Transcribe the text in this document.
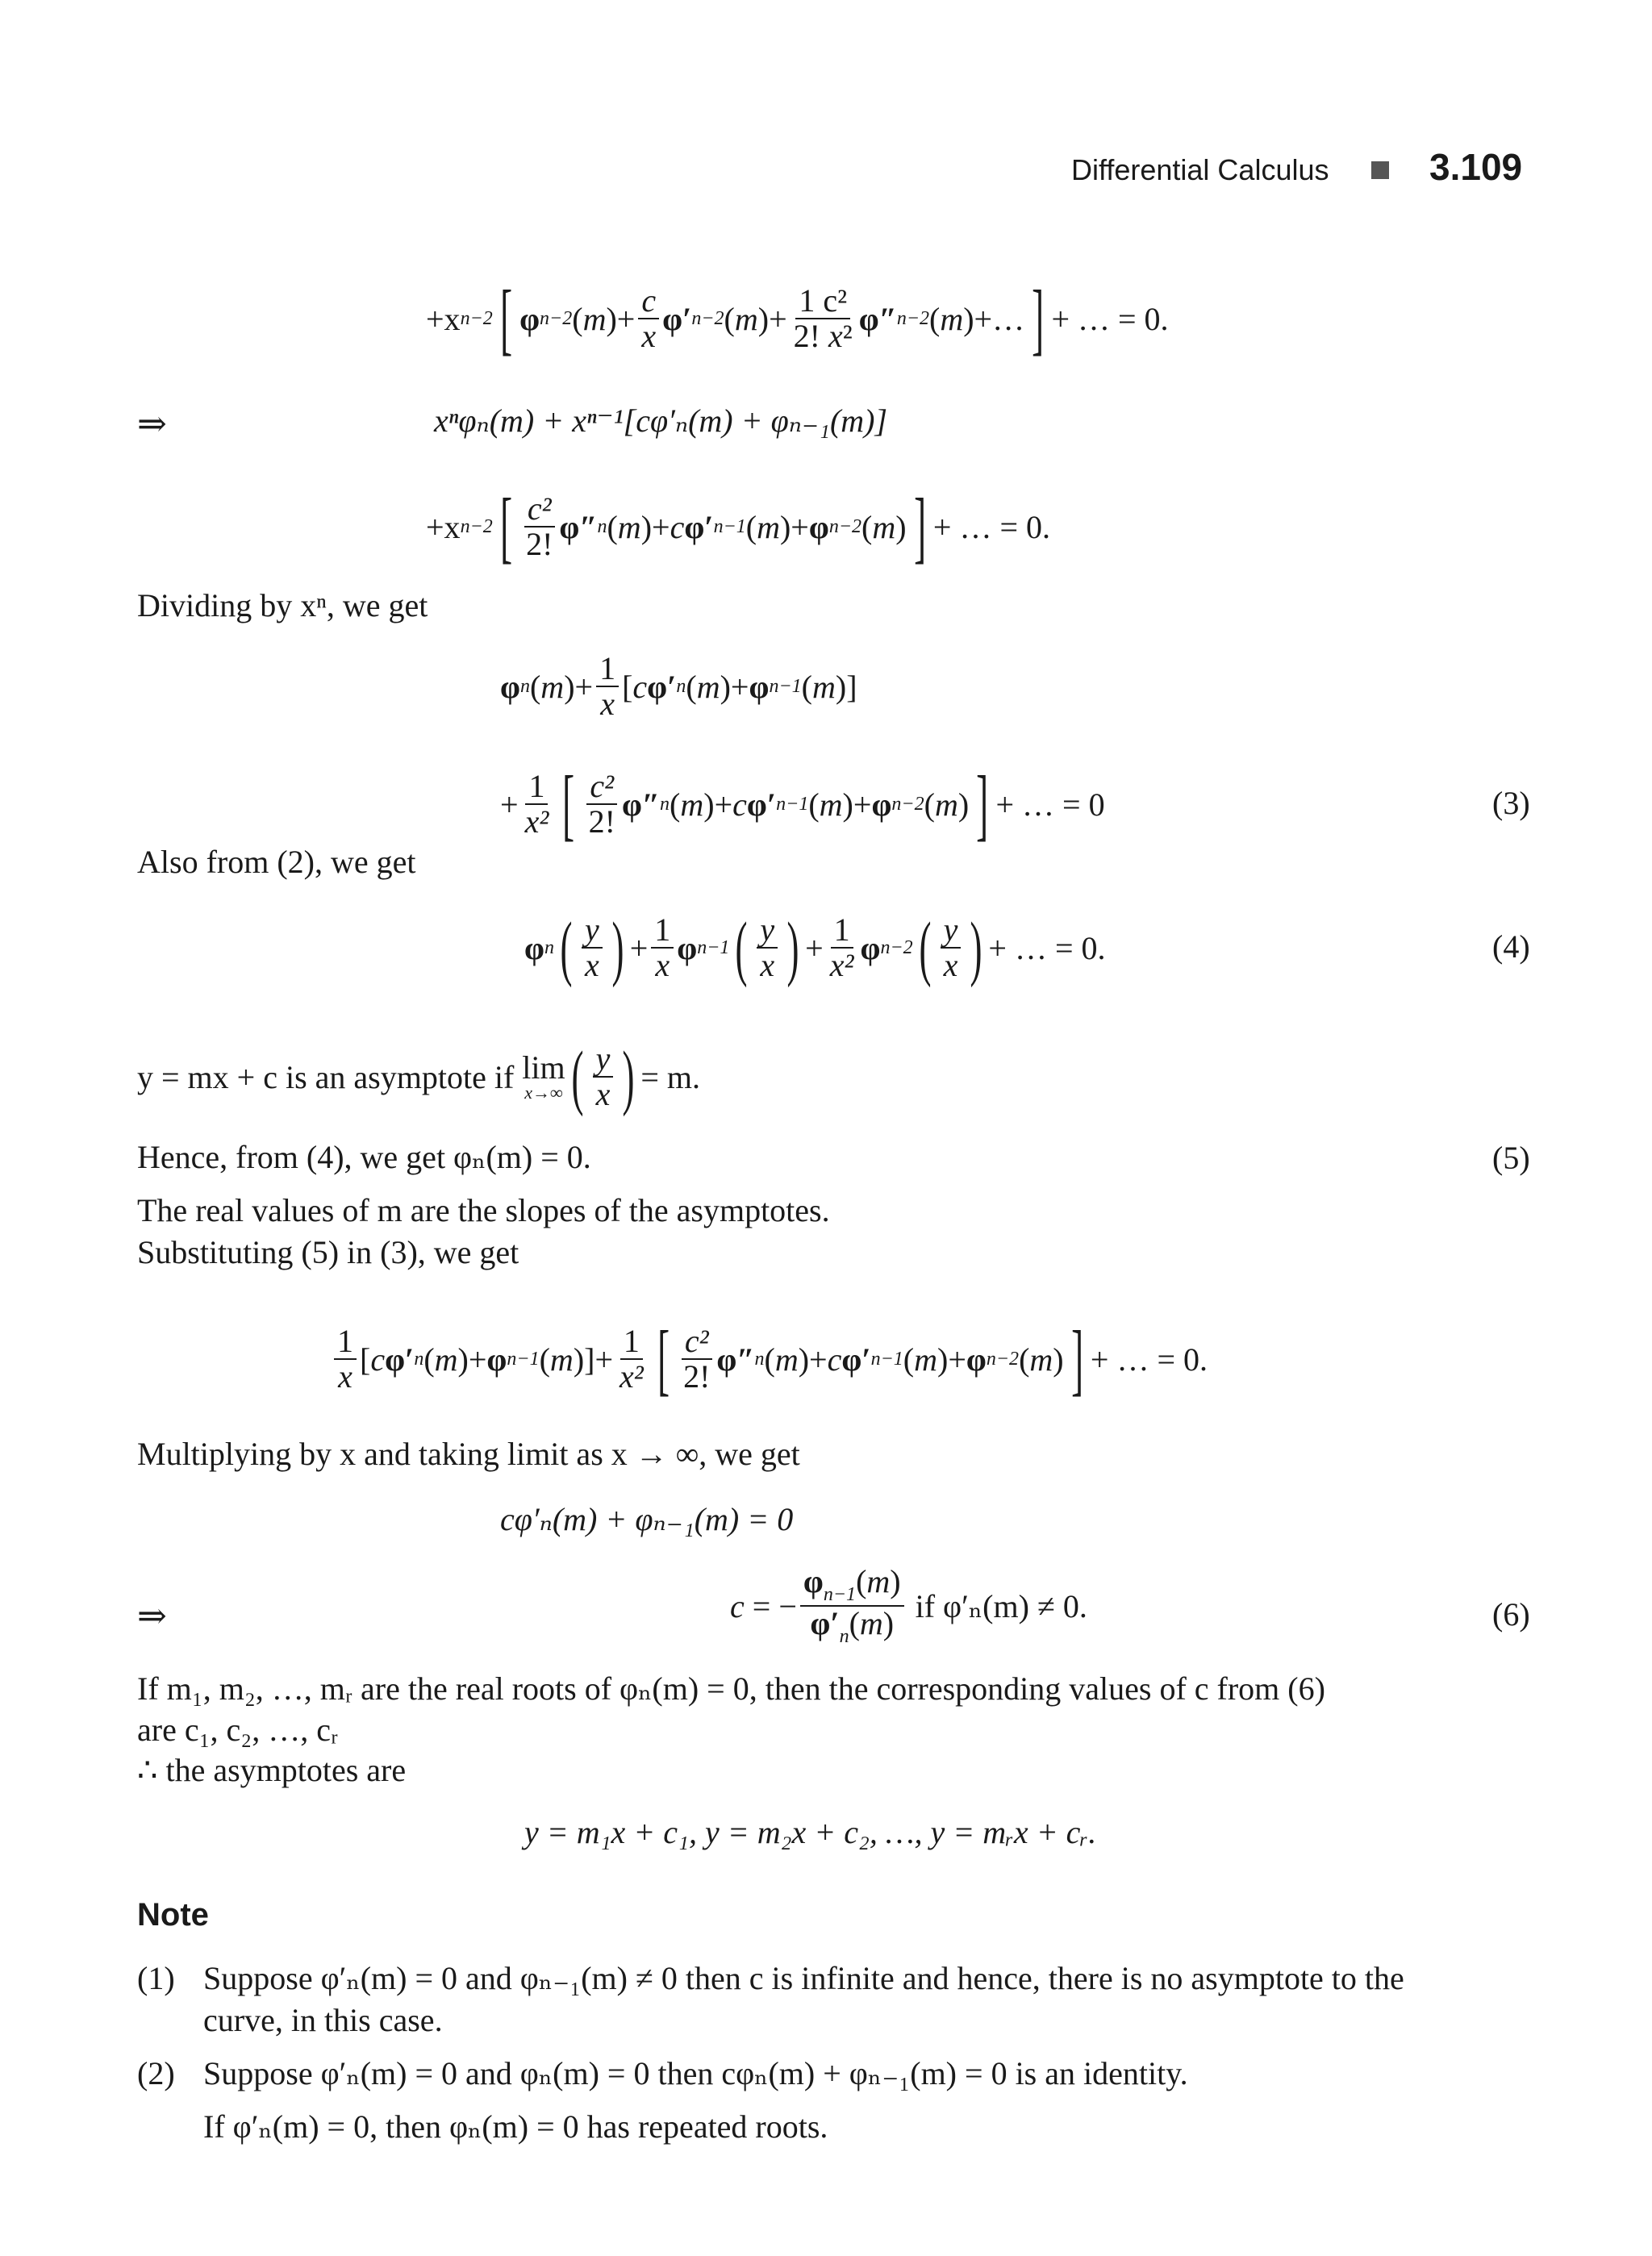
Differential Calculus	3.109
+x n−2 [ φ n−2 ( m )+ $\frac{c}{x} \varphi'$ n−2 ( m )+ $\frac{\text{1 c²}}{\text{2! x²}} \varphi''$ n−2 ( m )+… ] + … = 0.
⇒	xⁿφₙ(m) + xⁿ⁻¹[cφ′ₙ(m) + φₙ₋₁(m)]
+x n−2 [ $\frac{\text{c²}}{2!} \varphi''$ n ( m )+ c φ′ n−1 ( m )+ φ n−2 ( m ) ] + … = 0.
Dividing by xⁿ, we get
φ n ( m )+ $\frac{1}{x}$ [ c φ′ n ( m )+ φ n−1 ( m )]
+ $\frac{1}{\text{x²}}$ [ $\frac{\text{c²}}{2!} \varphi''$ n ( m )+ c φ′ n−1 ( m )+ φ n−2 ( m ) ] + … = 0	(3)
Also from (2), we get
φ n ( $\frac{y}{x}$ ) + $\frac{1}{x}$ φ n−1 ( $\frac{y}{x}$ ) + $\frac{1}{\text{x²}}$ φ n−2 ( $\frac{y}{x}$ ) + … = 0.	(4)
y = mx + c is an asymptote if
lim
x→∞ ( $\frac{y}{x}$ ) = m.
Hence, from (4), we get φₙ(m) = 0.	(5)
The real values of m are the slopes of the asymptotes.
Substituting (5) in (3), we get
$\frac{1}{x}$ [ c φ′ n ( m )+ φ n−1 ( m )]+ $\frac{1}{\text{x²}}$ [ $\frac{\text{c²}}{2!} \varphi''$ n ( m )+ c φ′ n−1 ( m )+ φ n−2 ( m ) ] + … = 0.
Multiplying by x and taking limit as x → ∞, we get
cφ′ₙ(m) + φₙ₋₁(m) = 0
⇒	c = − $\frac{\varphi_{n-1}(m)}{\varphi'_n(m)}$
if φ′ₙ(m) ≠ 0.	(6)
If m₁, m₂, …, mᵣ are the real roots of φₙ(m) = 0, then the corresponding values of c from (6)
are c₁, c₂, …, cᵣ
∴ the asymptotes are
y = m₁x + c₁, y = m₂x + c₂, …, y = mᵣx + cᵣ.
Note
(1) Suppose φ′ₙ(m) = 0 and φₙ₋₁(m) ≠ 0 then c is infinite and hence, there is no asymptote to the
curve, in this case.
(2) Suppose φ′ₙ(m) = 0 and φₙ(m) = 0 then cφₙ(m) + φₙ₋₁(m) = 0 is an identity.
If φ′ₙ(m) = 0, then φₙ(m) = 0 has repeated roots.
